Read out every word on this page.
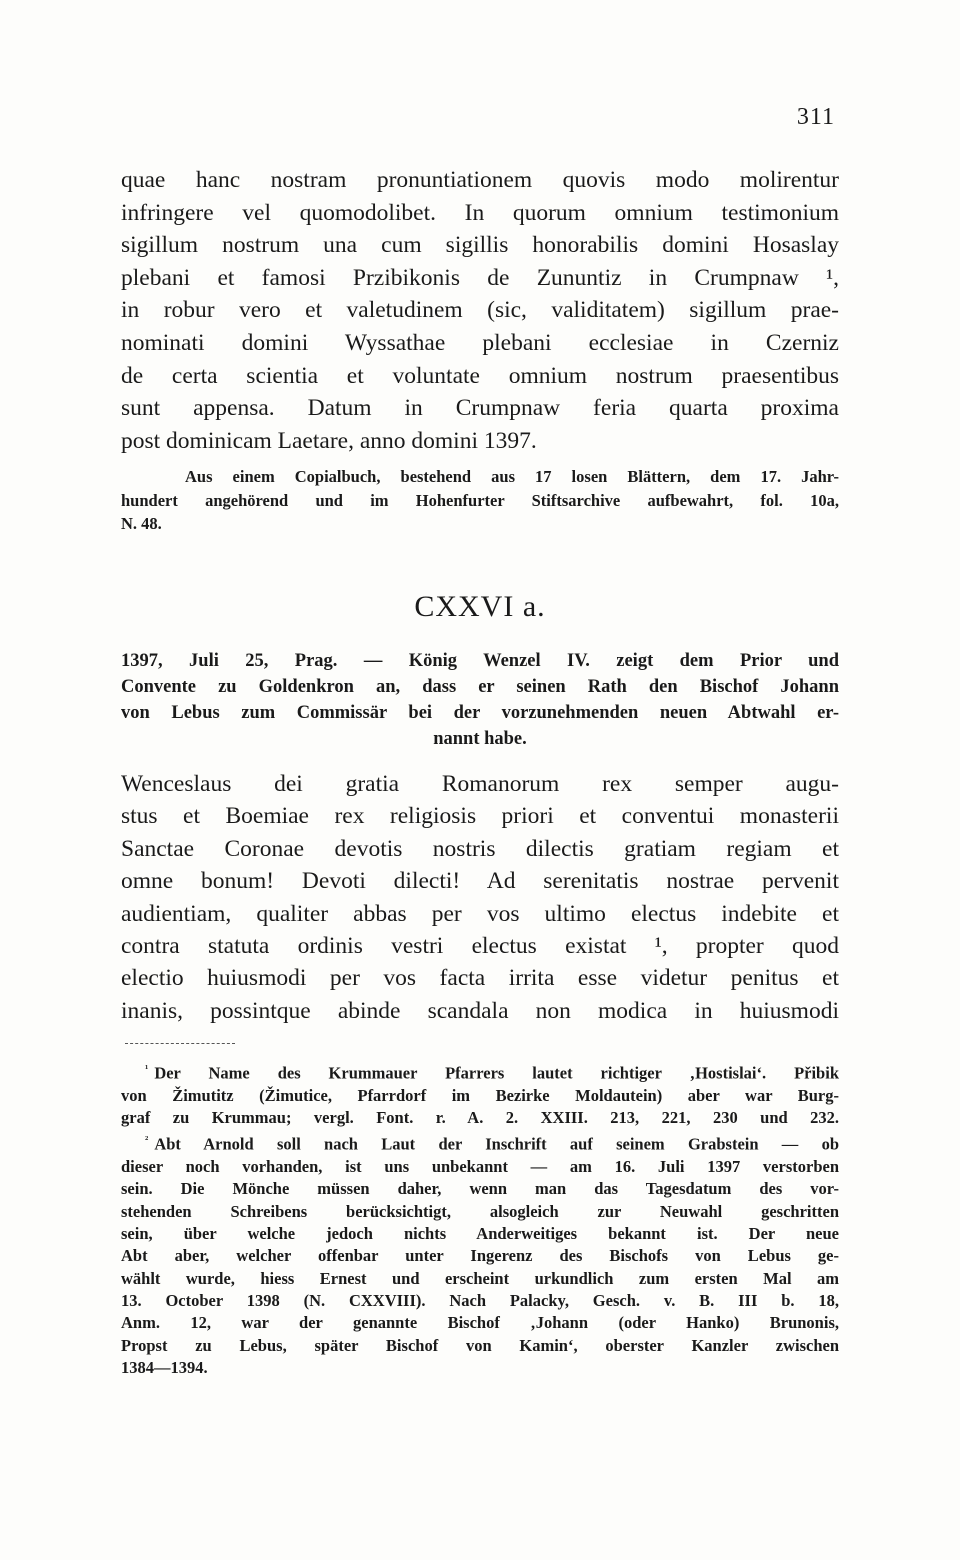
311
quae hanc nostram pronuntiationem quovis modo molirentur
infringere vel quomodolibet. In quorum omnium testimonium
sigillum nostrum una cum sigillis honorabilis domini Hosaslay
plebani et famosi Przibikonis de Zununtiz in Crumpnaw ¹,
in robur vero et valetudinem (sic, validitatem) sigillum prae-
nominati domini Wyssathae plebani ecclesiae in Czerniz
de certa scientia et voluntate omnium nostrum praesentibus
sunt appensa. Datum in Crumpnaw feria quarta proxima
post dominicam Laetare, anno domini 1397.
Aus einem Copialbuch, bestehend aus 17 losen Blättern, dem 17. Jahr-
hundert angehörend und im Hohenfurter Stiftsarchive aufbewahrt, fol. 10a,
N. 48.
CXXVI a.
1397, Juli 25, Prag. — König Wenzel IV. zeigt dem Prior und
Convente zu Goldenkron an, dass er seinen Rath den Bischof Johann
von Lebus zum Commissär bei der vorzunehmenden neuen Abtwahl er-
nannt habe.
Wenceslaus dei gratia Romanorum rex semper augu-
stus et Boemiae rex religiosis priori et conventui monasterii
Sanctae Coronae devotis nostris dilectis gratiam regiam et
omne bonum! Devoti dilecti! Ad serenitatis nostrae pervenit
audientiam, qualiter abbas per vos ultimo electus indebite et
contra statuta ordinis vestri electus existat ¹, propter quod
electio huiusmodi per vos facta irrita esse videtur penitus et
inanis, possintque abinde scandala non modica in huiusmodi
$^{^1}$ Der Name des Krummauer Pfarrers lautet richtiger ‚Hostislai‘. Přibik
von Žimutitz (Žimutice, Pfarrdorf im Bezirke Moldautein) aber war Burg-
graf zu Krummau; vergl. Font. r. A. 2. XXIII. 213, 221, 230 und 232.
$^{^2}$ Abt Arnold soll nach Laut der Inschrift auf seinem Grabstein — ob
dieser noch vorhanden, ist uns unbekannt — am 16. Juli 1397 verstorben
sein. Die Mönche müssen daher, wenn man das Tagesdatum des vor-
stehenden Schreibens berücksichtigt, alsogleich zur Neuwahl geschritten
sein, über welche jedoch nichts Anderweitiges bekannt ist. Der neue
Abt aber, welcher offenbar unter Ingerenz des Bischofs von Lebus ge-
wählt wurde, hiess Ernest und erscheint urkundlich zum ersten Mal am
13. October 1398 (N. CXXVIII). Nach Palacky, Gesch. v. B. III b. 18,
Anm. 12, war der genannte Bischof ‚Johann (oder Hanko) Brunonis,
Propst zu Lebus, später Bischof von Kamin‘, oberster Kanzler zwischen
1384—1394.
